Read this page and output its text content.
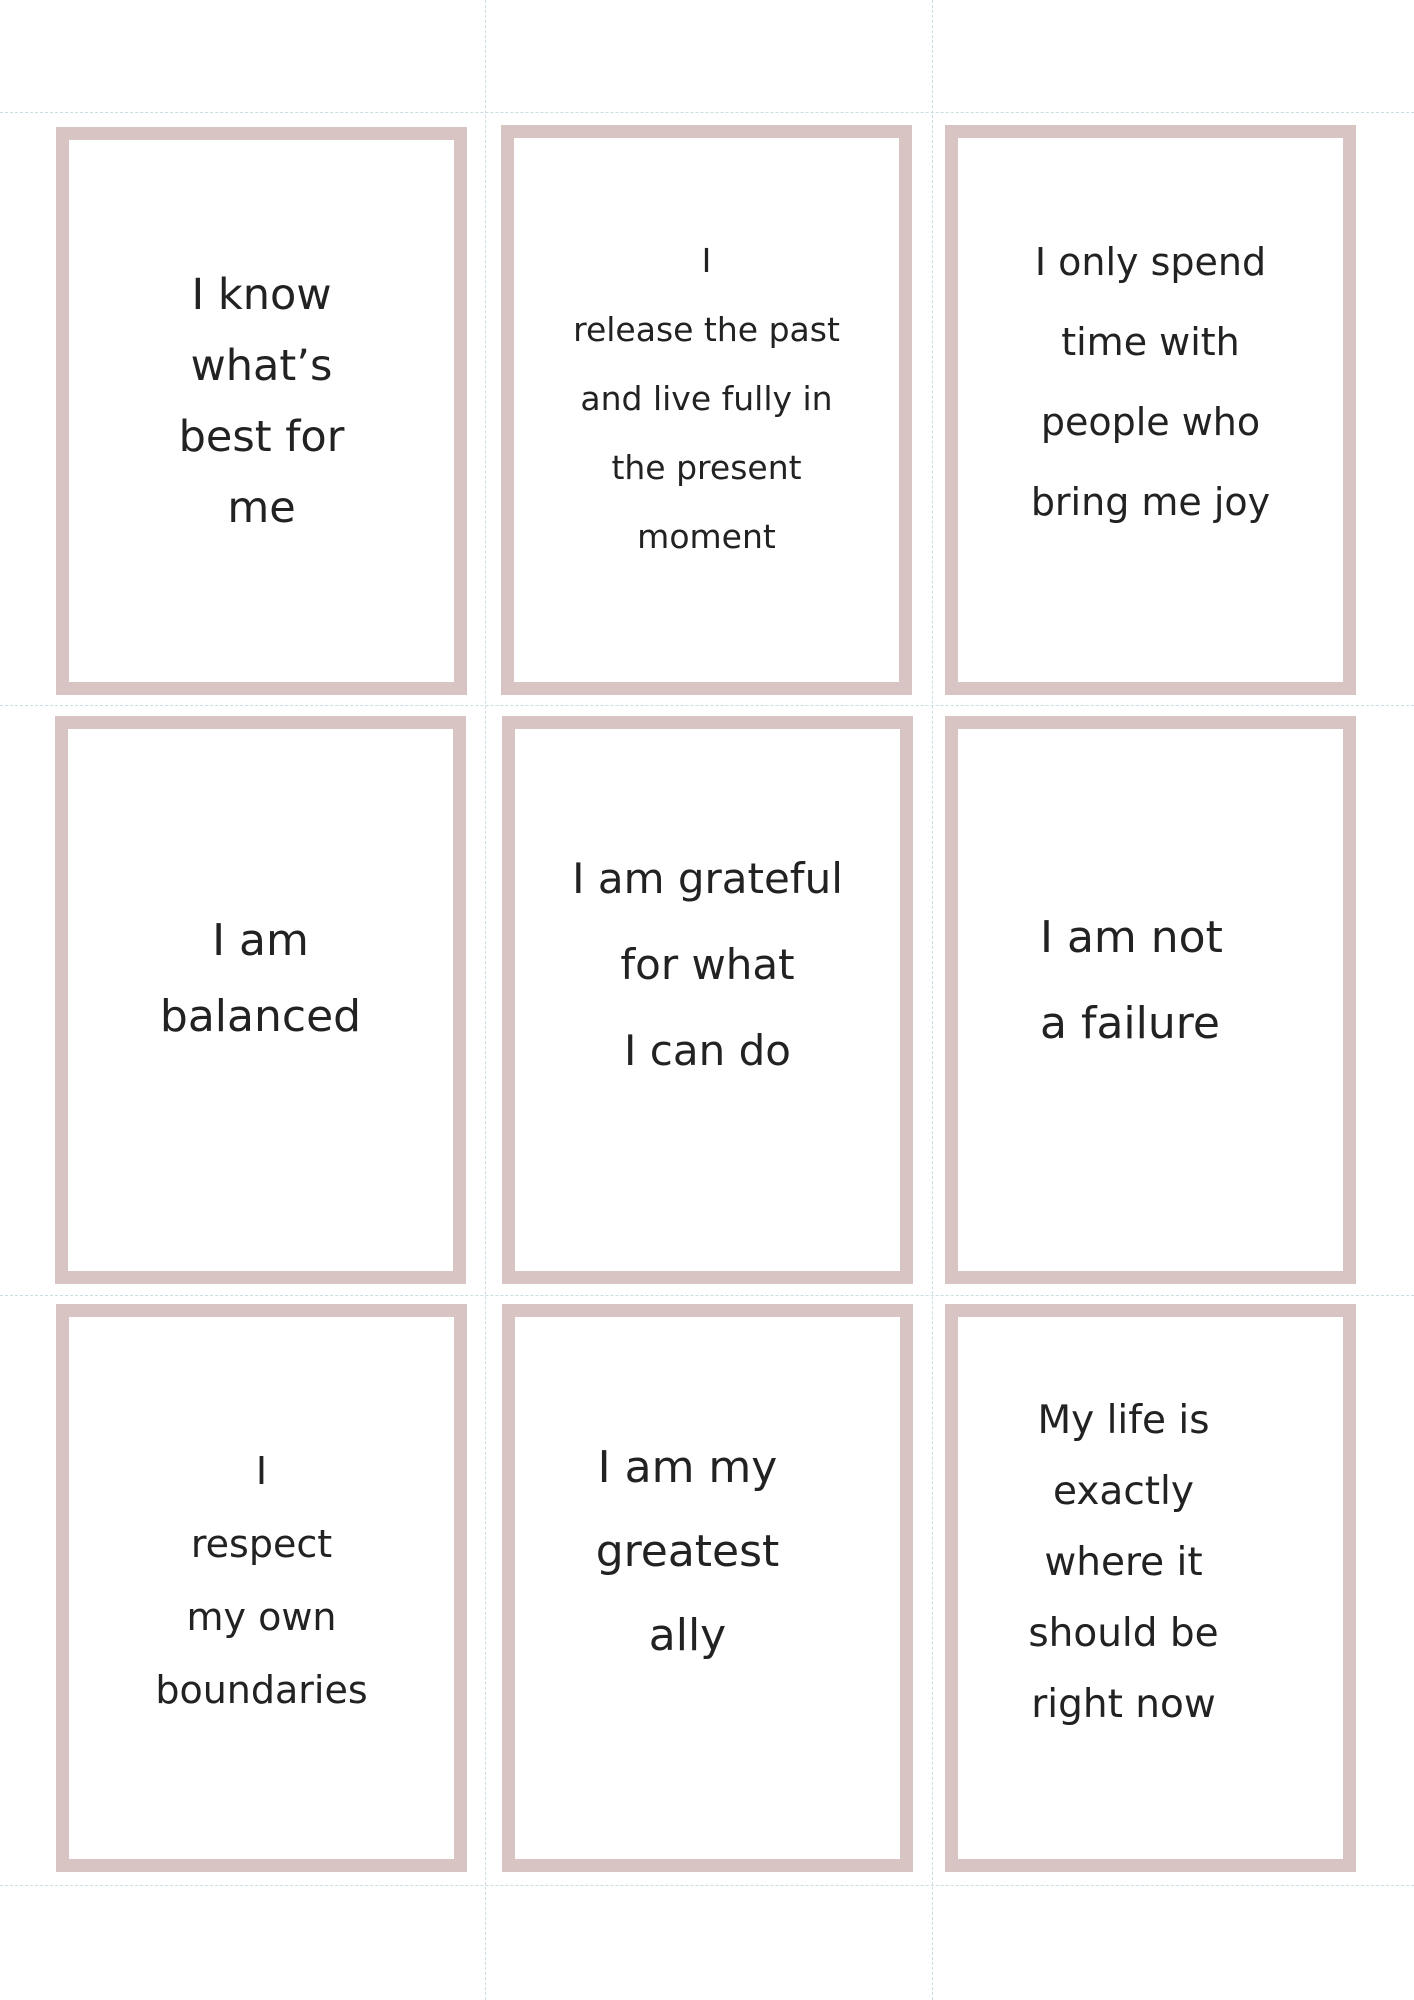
I know
what’s
best for
me
I
release the past
and live fully in
the present
moment
I only spend
time with
people who
bring me joy
I am
balanced
I am grateful
for what
I can do
I am not
a failure
I
respect
my own
boundaries
I am my
greatest
ally
My life is
exactly
where it
should be
right now
